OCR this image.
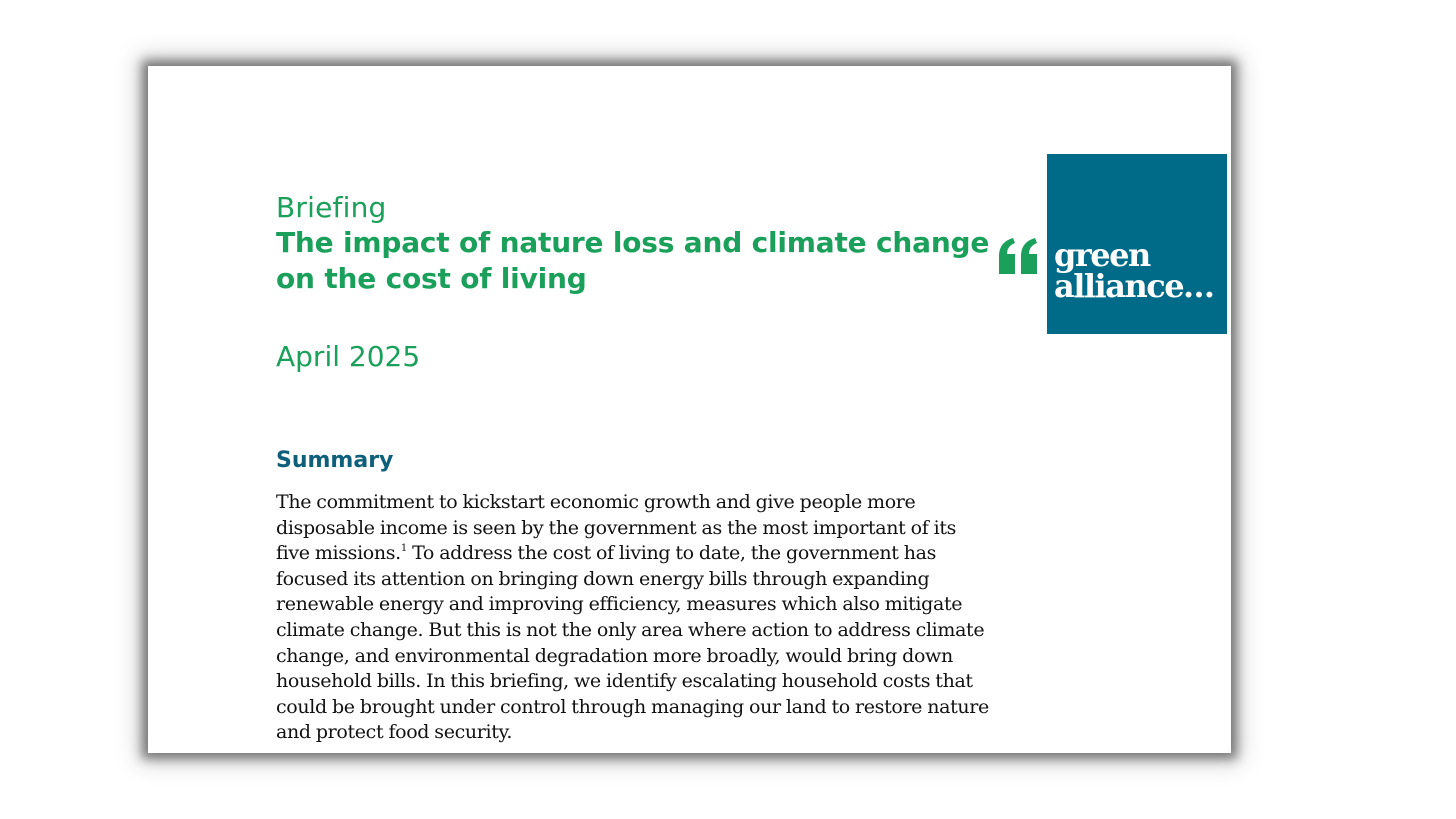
Briefing
The impact of nature loss and climate change
on the cost of living
April 2025
Summary
The commitment to kickstart economic growth and give people more
disposable income is seen by the government as the most important of its
five missions.$^1$ To address the cost of living to date, the government has
focused its attention on bringing down energy bills through expanding
renewable energy and improving efficiency, measures which also mitigate
climate change. But this is not the only area where action to address climate
change, and environmental degradation more broadly, would bring down
household bills. In this briefing, we identify escalating household costs that
could be brought under control through managing our land to restore nature
and protect food security.
green
alliance…
